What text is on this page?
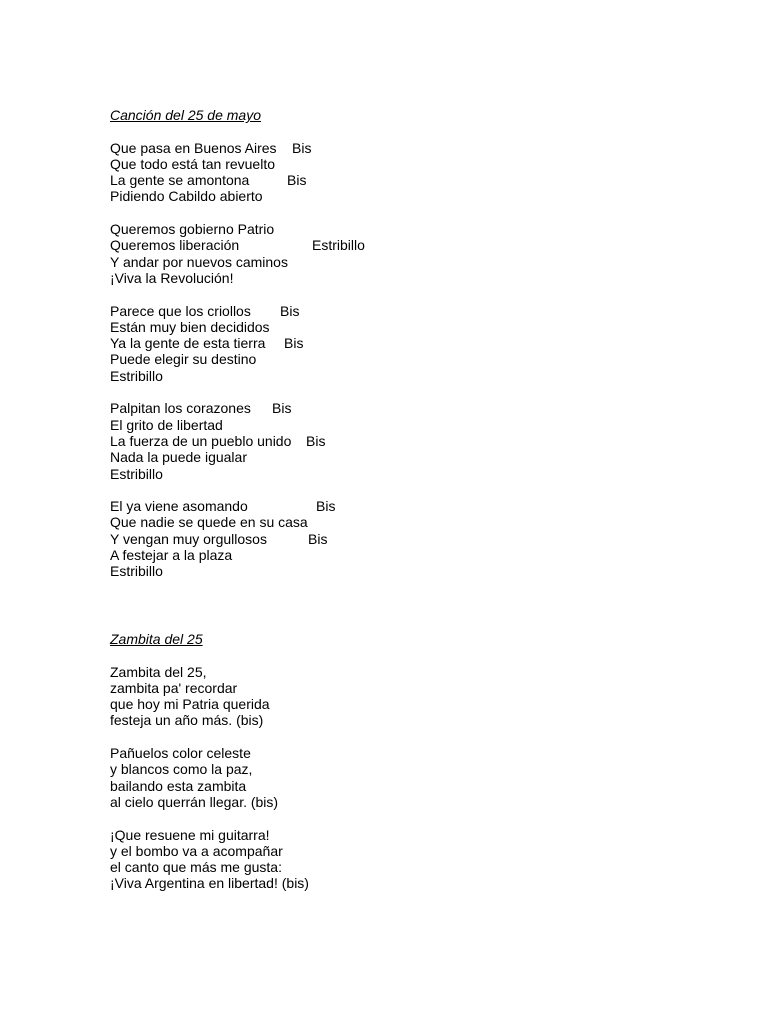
Canción del 25 de mayo
Que pasa en Buenos Aires Bis
Que todo está tan revuelto
La gente se amontona	Bis
Pidiendo Cabildo abierto
Queremos gobierno Patrio
Queremos liberación	Estribillo
Y andar por nuevos caminos
¡Viva la Revolución!
Parece que los criollos Bis
Están muy bien decididos
Ya la gente de esta tierra Bis
Puede elegir su destino
Estribillo
Palpitan los corazones Bis
El grito de libertad
La fuerza de un pueblo unido Bis
Nada la puede igualar
Estribillo
El ya viene asomando	Bis
Que nadie se quede en su casa
Y vengan muy orgullosos	Bis
A festejar a la plaza
Estribillo
Zambita del 25
Zambita del 25,
zambita pa' recordar
que hoy mi Patria querida
festeja un año más. (bis)
Pañuelos color celeste
y blancos como la paz,
bailando esta zambita
al cielo querrán llegar. (bis)
¡Que resuene mi guitarra!
y el bombo va a acompañar
el canto que más me gusta:
¡Viva Argentina en libertad! (bis)
